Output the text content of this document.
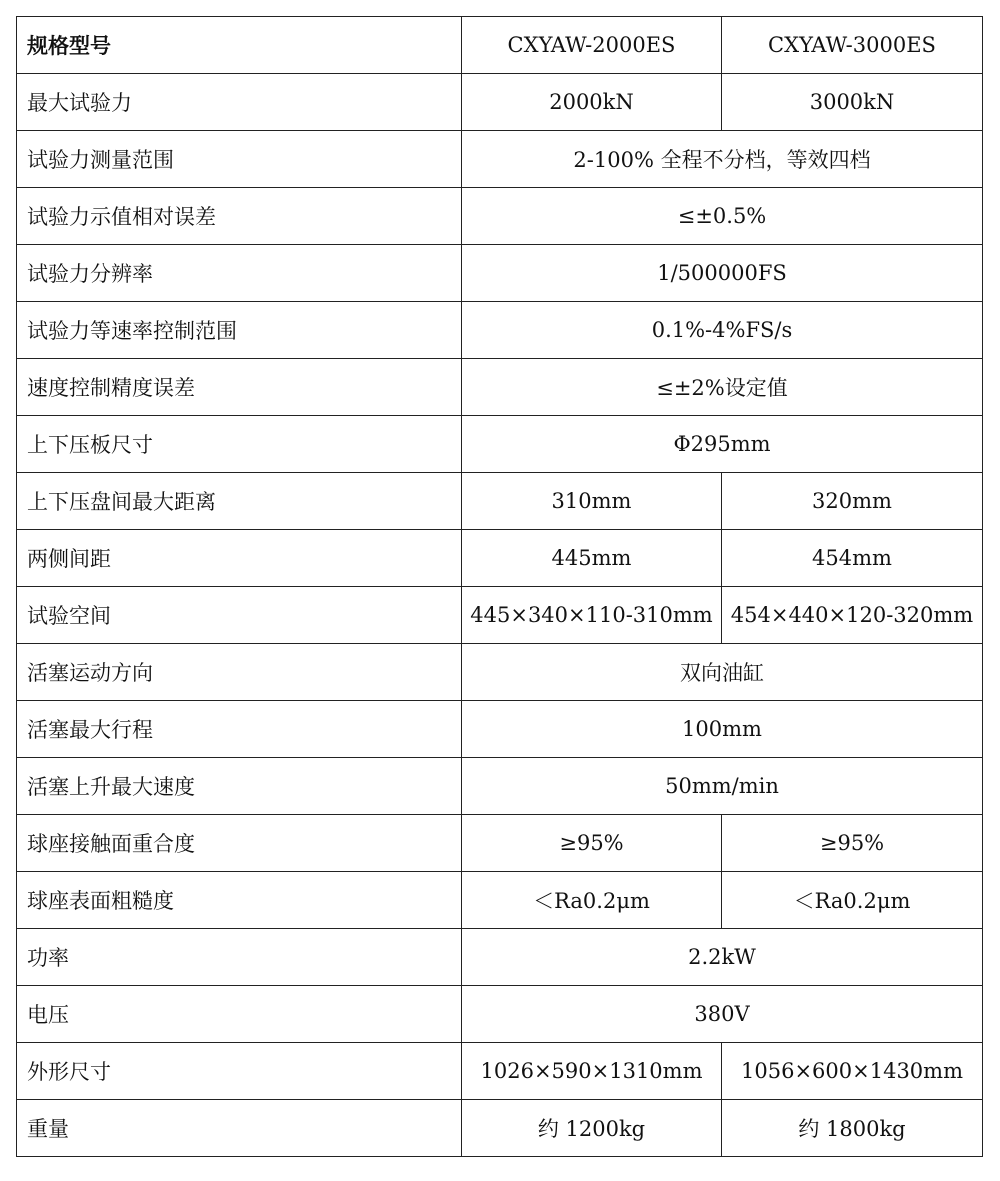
规格型号	CXYAW-2000ES	CXYAW-3000ES
最大试验力	2000kN	3000kN
试验力测量范围	2-100% 全程不分档，等效四档	
试验力示值相对误差	≤±0.5%	
试验力分辨率	1/500000FS	
试验力等速率控制范围	0.1%-4%FS/s	
速度控制精度误差	≤±2%设定值	
上下压板尺寸	Φ295mm	
上下压盘间最大距离	310mm	320mm
两侧间距	445mm	454mm
试验空间	445×340×110-310mm	454×440×120-320mm
活塞运动方向	双向油缸	
活塞最大行程	100mm	
活塞上升最大速度	50mm/min	
球座接触面重合度	≥95%	≥95%
球座表面粗糙度	＜Ra0.2μm	＜Ra0.2μm
功率	2.2kW	
电压	380V	
外形尺寸	1026×590×1310mm	1056×600×1430mm
重量	约 1200kg	约 1800kg
